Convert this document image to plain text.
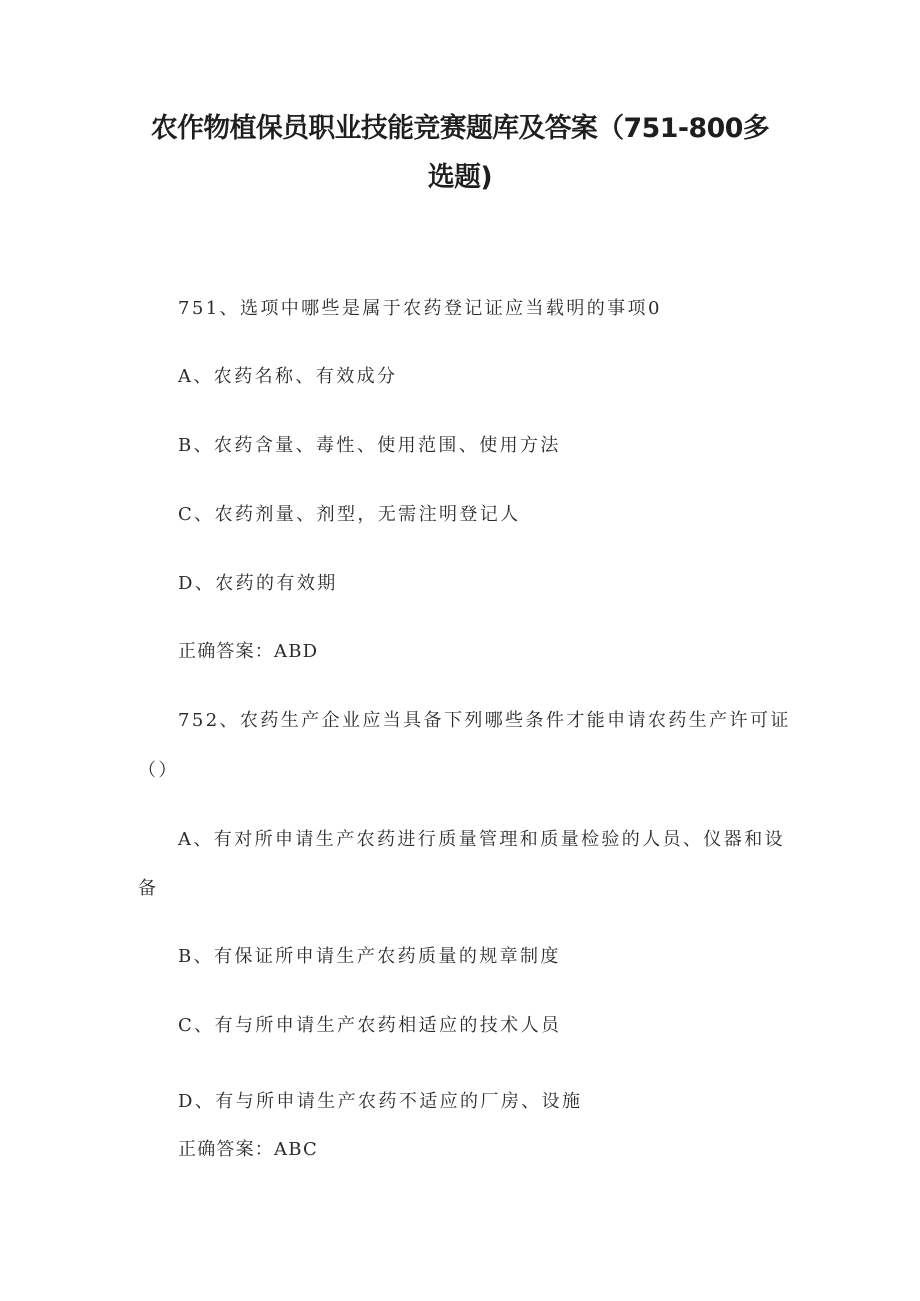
农作物植保员职业技能竞赛题库及答案（751-800多
选题)
751、选项中哪些是属于农药登记证应当载明的事项0
A、农药名称、有效成分
B、农药含量、毒性、使用范围、使用方法
C、农药剂量、剂型，无需注明登记人
D、农药的有效期
正确答案：ABD
752、农药生产企业应当具备下列哪些条件才能申请农药生产许可证
（）
A、有对所申请生产农药进行质量管理和质量检验的人员、仪器和设
备
B、有保证所申请生产农药质量的规章制度
C、有与所申请生产农药相适应的技术人员
D、有与所申请生产农药不适应的厂房、设施
正确答案：ABC
